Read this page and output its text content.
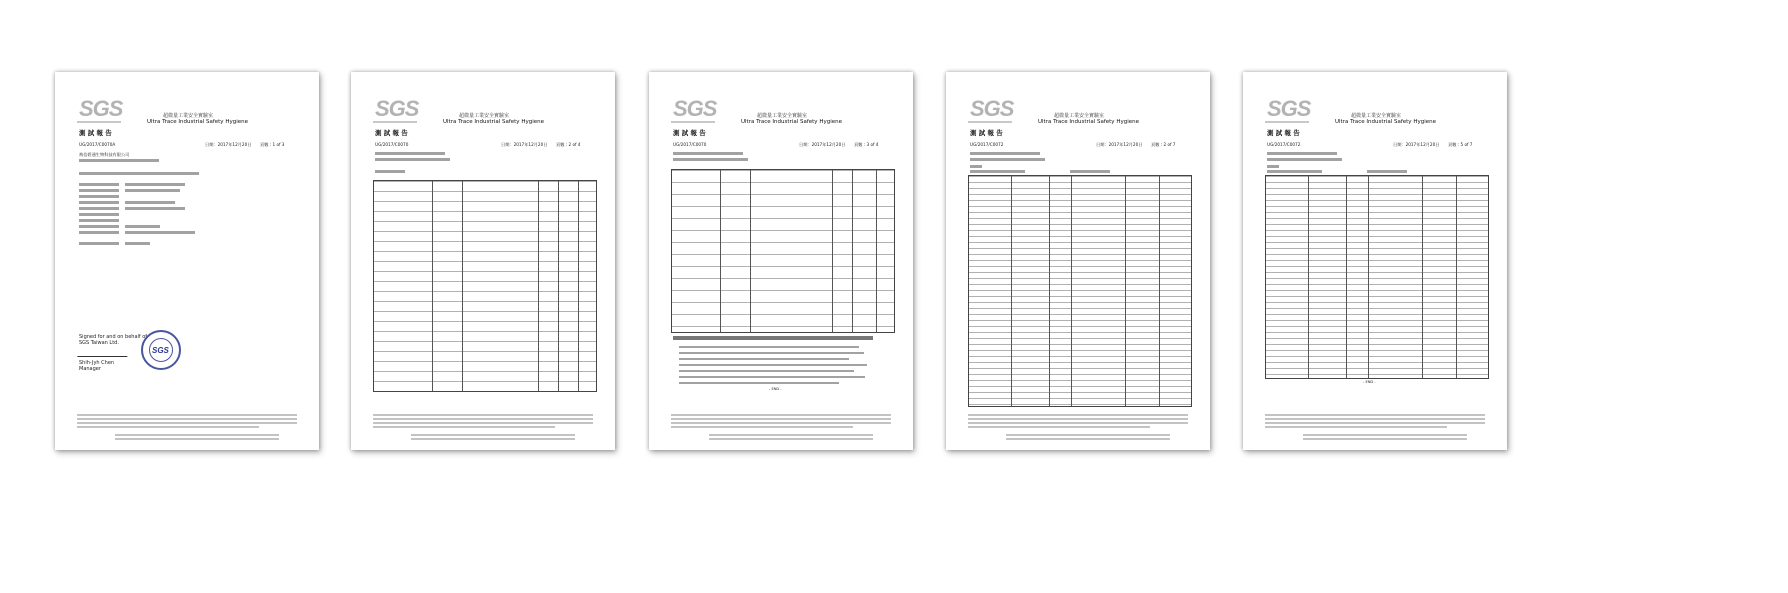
SGS	超微量工業安全實驗室
Ultra Trace Industrial Safety Hygiene
測 試 報 告
UG/2017/C0070A	日期：2017年12月20日 頁數 : 1 of 3
飛信碧通生物科技有限公司
Signed for and on behalf of
SGS Taiwan Ltd.
SGS
Shih-Jyh Chen
Manager
SGS	超微量工業安全實驗室
Ultra Trace Industrial Safety Hygiene
測 試 報 告
UG/2017/C0070	日期：2017年12月20日 頁數 : 2 of 4
SGS	超微量工業安全實驗室
Ultra Trace Industrial Safety Hygiene
測 試 報 告
UG/2017/C0070	日期：2017年12月20日 頁數 : 3 of 4
- END -
SGS	超微量工業安全實驗室
Ultra Trace Industrial Safety Hygiene
測 試 報 告
UG/2017/C0072	日期：2017年12月20日 頁數 : 2 of 7
SGS	超微量工業安全實驗室
Ultra Trace Industrial Safety Hygiene
測 試 報 告
UG/2017/C0072	日期：2017年12月20日 頁數 : 5 of 7
- END -
